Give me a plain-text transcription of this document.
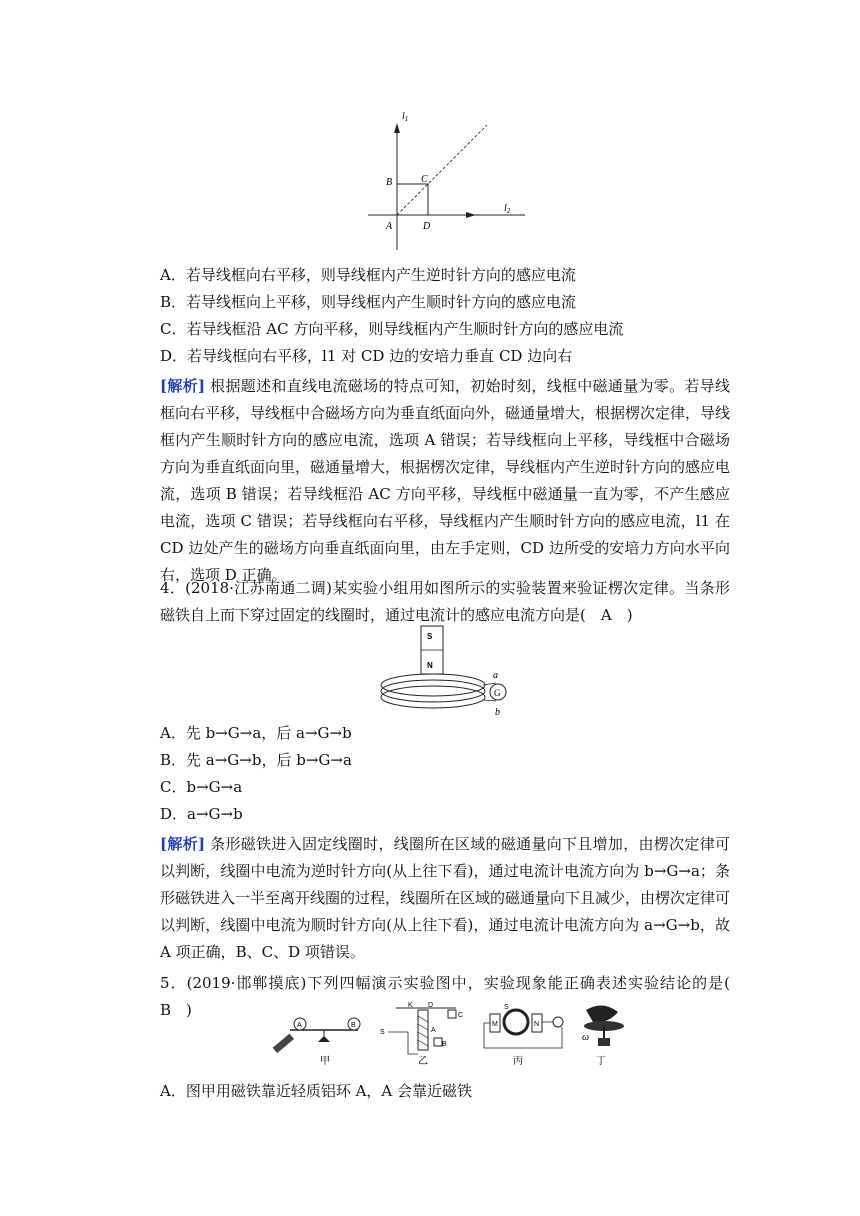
$l_1$
$l_2$
B	C
A	D
A．若导线框向右平移，则导线框内产生逆时针方向的感应电流
B．若导线框向上平移，则导线框内产生顺时针方向的感应电流
C．若导线框沿 AC 方向平移，则导线框内产生顺时针方向的感应电流
D．若导线框向右平移，l1 对 CD 边的安培力垂直 CD 边向右
[解析] 根据题述和直线电流磁场的特点可知，初始时刻，线框中磁通量为零。若导线框向右平移，导线框中合磁场方向为垂直纸面向外，磁通量增大，根据楞次定律，导线框内产生顺时针方向的感应电流，选项 A 错误；若导线框向上平移，导线框中合磁场方向为垂直纸面向里，磁通量增大，根据楞次定律，导线框内产生逆时针方向的感应电流，选项 B 错误；若导线框沿 AC 方向平移，导线框中磁通量一直为零，不产生感应电流，选项 C 错误；若导线框向右平移，导线框内产生顺时针方向的感应电流，l1 在 CD 边处产生的磁场方向垂直纸面向里，由左手定则，CD 边所受的安培力方向水平向右，选项 D 正确。
4．(2018·江苏南通二调)某实验小组用如图所示的实验装置来验证楞次定律。当条形磁铁自上而下穿过固定的线圈时，通过电流计的感应电流方向是(　A　)
S
N
G
a
b
A．先 b→G→a，后 a→G→b
B．先 a→G→b，后 b→G→a
C．b→G→a
D．a→G→b
[解析] 条形磁铁进入固定线圈时，线圈所在区域的磁通量向下且增加，由楞次定律可以判断，线圈中电流为逆时针方向(从上往下看)，通过电流计电流方向为 b→G→a；条形磁铁进入一半至离开线圈的过程，线圈所在区域的磁通量向下且减少，由楞次定律可以判断，线圈中电流为顺时针方向(从上往下看)，通过电流计电流方向为 a→G→b，故 A 项正确，B、C、D 项错误。
5．(2019·邯郸摸底)下列四幅演示实验图中，实验现象能正确表述实验结论的是(　B　)
A	B
甲
K D
C
A
B
S
乙
S
M	N
丙
ω
丁
A．图甲用磁铁靠近轻质铝环 A，A 会靠近磁铁
